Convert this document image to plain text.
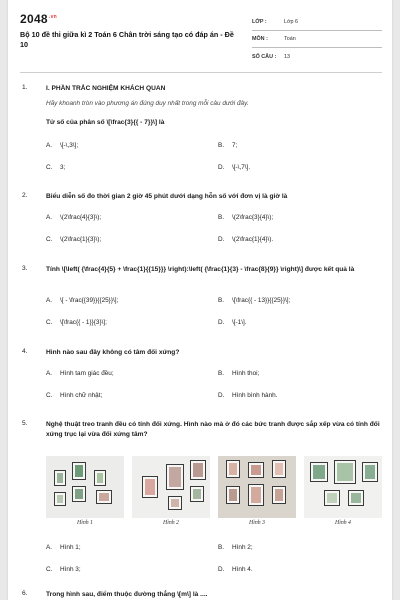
$2048^{.vn}$
Bộ 10 đề thi giữa kì 2 Toán 6 Chân trời sáng tạo có đáp án - Đề 10
LỚP :	Lớp 6
MÔN :	Toán
SỐ CÂU :	13
1.	I. PHẦN TRẮC NGHIỆM KHÁCH QUAN
Hãy khoanh tròn vào phương án đúng duy nhất trong mỗi câu dưới đây.
Tử số của phân số \[\frac{3}{{ - 7}}\] là
A. \[-\,3\];	B. 7;
C. 3;	D. \[-\,7\].
2.	Biểu diễn số đo thời gian 2 giờ 45 phút dưới dạng hỗn số với đơn vị là giờ là
A. \(2\frac{4}{3}\);	B. \(2\frac{3}{4}\);
C. \(2\frac{1}{3}\);	D. \(2\frac{1}{4}\).
3.	Tính \[\left( {\frac{4}{5} + \frac{1}{{15}}} \right):\left( {\frac{1}{3} - \frac{8}{9}} \right)\] được kết quả là
A. \[ - \frac{{39}}{{25}}\];	B. \[\frac{{ - 13}}{{25}}\];
C. \[\frac{{ - 1}}{3}\];	D. \[-1\].
4.	Hình nào sau đây không có tâm đối xứng?
A. Hình tam giác đều;	B. Hình thoi;
C. Hình chữ nhật;	D. Hình bình hành.
5.	Nghệ thuật treo tranh đều có tính đối xứng. Hình nào mà ở đó các bức tranh được sắp xếp vừa có tính đối xứng trục lại vừa đối xứng tâm?
Hình 1	Hình 2	Hình 3	Hình 4
A. Hình 1;	B. Hình 2;
C. Hình 3;	D. Hình 4.
6.	Trong hình sau, điểm thuộc đường thẳng \[m\] là ....
